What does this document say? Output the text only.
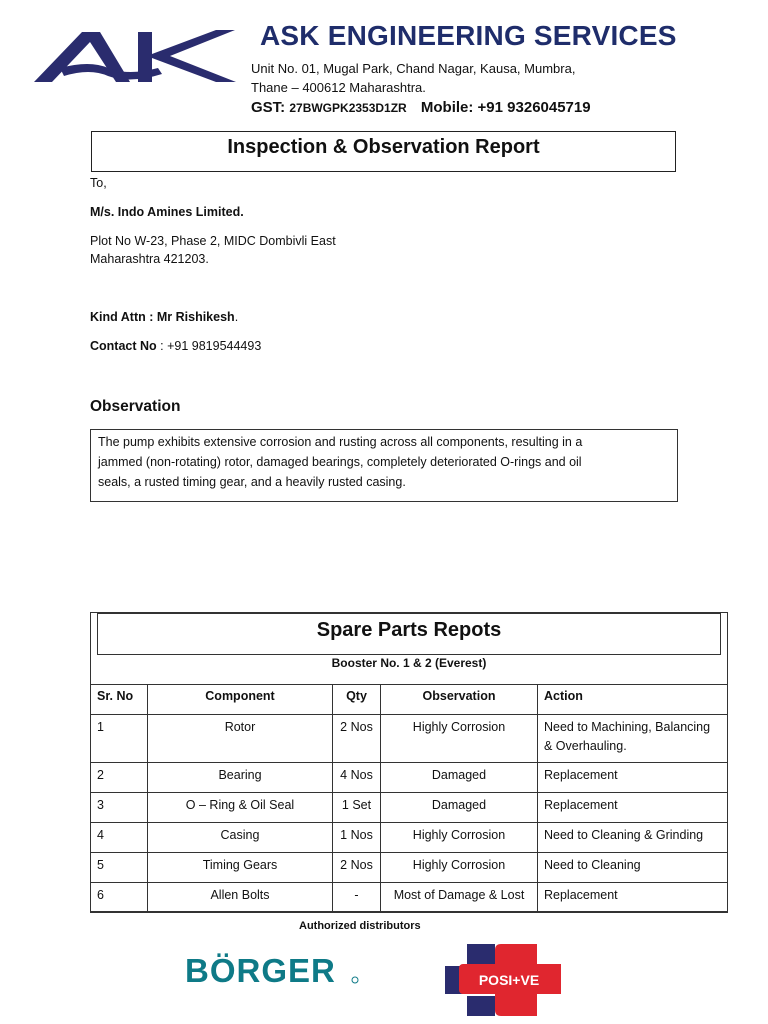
ASK ENGINEERING SERVICES
Unit No. 01, Mugal Park, Chand Nagar, Kausa, Mumbra,
Thane – 400612 Maharashtra.
GST: 27BWGPK2353D1ZR Mobile: +91 9326045719
Inspection & Observation Report
To,
M/s. Indo Amines Limited.
Plot No W-23, Phase 2, MIDC Dombivli East
Maharashtra 421203.
Kind Attn : Mr Rishikesh.
Contact No : +91 9819544493
Observation
The pump exhibits extensive corrosion and rusting across all components, resulting in a
jammed (non-rotating) rotor, damaged bearings, completely deteriorated O-rings and oil
seals, a rusted timing gear, and a heavily rusted casing.
Spare Parts Repots
Booster No. 1 & 2 (Everest)
Sr. No	Component	Qty	Observation	Action
1	Rotor	2 Nos	Highly Corrosion	Need to Machining, Balancing
& Overhauling.

2	Bearing	4 Nos	Damaged	Replacement
3	O – Ring & Oil Seal	1 Set	Damaged	Replacement
4	Casing	1 Nos	Highly Corrosion	Need to Cleaning & Grinding
5	Timing Gears	2 Nos	Highly Corrosion	Need to Cleaning
6	Allen Bolts	-	Most of Damage & Lost	Replacement
Authorized distributors
BÖRGER	POSI+VE
